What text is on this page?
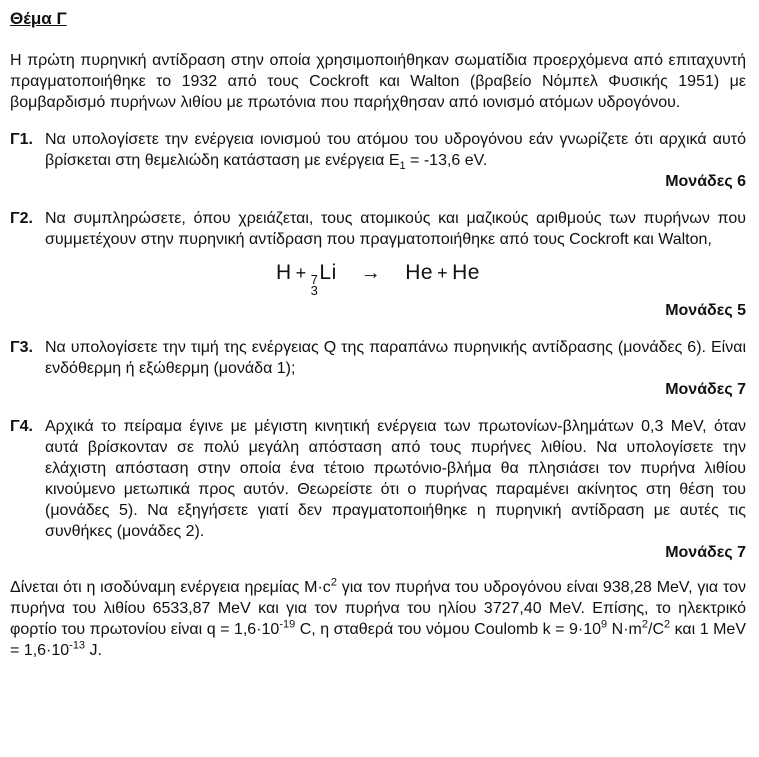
Θέμα Γ

Η πρώτη πυρηνική αντίδραση στην οποία χρησιμοποιήθηκαν σωματίδια προερχόμενα από επιταχυντή πραγματοποιήθηκε το 1932 από τους Cockroft και Walton (βραβείο Νόμπελ Φυσικής 1951) με βομβαρδισμό πυρήνων λιθίου με πρωτόνια που παρήχθησαν από ιονισμό ατόμων υδρογόνου.

Γ1. Να υπολογίσετε την ενέργεια ιονισμού του ατόμου του υδρογόνου εάν γνωρίζετε ότι αρχικά αυτό βρίσκεται στη θεμελιώδη κατάσταση με ενέργεια $E_1 = -13,6$ eV.

Μονάδες 6
Γ2. Να συμπληρώσετε, όπου χρειάζεται, τους ατομικούς και μαζικούς αριθμούς των πυρήνων που συμμετέχουν στην πυρηνική αντίδραση που πραγματοποιήθηκε από τους Cockroft και Walton,

H + 7
3
Li → He + He
Μονάδες 5
Γ3. Να υπολογίσετε την τιμή της ενέργειας Q της παραπάνω πυρηνικής αντίδρασης (μονάδες 6). Είναι ενδόθερμη ή εξώθερμη (μονάδα 1);

Μονάδες 7
Γ4. Αρχικά το πείραμα έγινε με μέγιστη κινητική ενέργεια των πρωτονίων-βλημάτων 0,3 MeV, όταν αυτά βρίσκονταν σε πολύ μεγάλη απόσταση από τους πυρήνες λιθίου. Να υπολογίσετε την ελάχιστη απόσταση στην οποία ένα τέτοιο πρωτόνιο-βλήμα θα πλησιάσει τον πυρήνα λιθίου κινούμενο μετωπικά προς αυτόν. Θεωρείστε ότι ο πυρήνας παραμένει ακίνητος στη θέση του (μονάδες 5). Να εξηγήσετε γιατί δεν πραγματοποιήθηκε η πυρηνική αντίδραση με αυτές τις συνθήκες (μονάδες 2).

Μονάδες 7

Δίνεται ότι η ισοδύναμη ενέργεια ηρεμίας $M\cdot c^2$ για τον πυρήνα του υδρογόνου είναι 938,28 MeV, για τον πυρήνα του λιθίου 6533,87 MeV και για τον πυρήνα του ηλίου 3727,40 MeV. Επίσης, το ηλεκτρικό φορτίο του πρωτονίου είναι $q = 1,6\cdot 10^{-19}$ C, η σταθερά του νόμου Coulomb $k = 9\cdot 10^9$ $N\cdot m^2/C^2$ και 1 MeV = $1,6\cdot 10^{-13}$ J.
